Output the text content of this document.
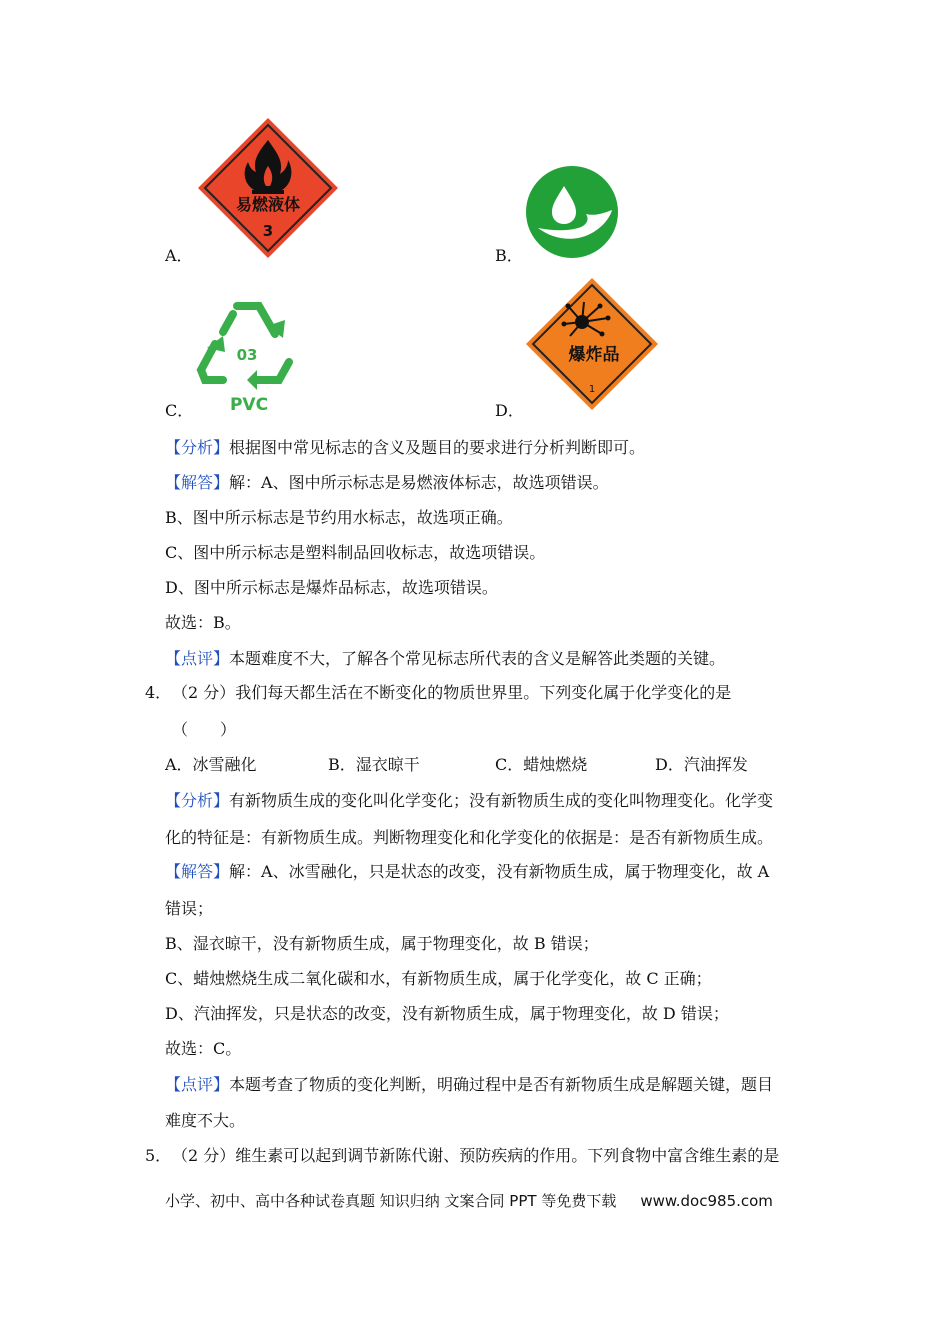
易燃液体
3
A．	B．
03
PVC
C．
爆炸品
1
D．
【分析】根据图中常见标志的含义及题目的要求进行分析判断即可。
【解答】解：A、图中所示标志是易燃液体标志，故选项错误。
B、图中所示标志是节约用水标志，故选项正确。
C、图中所示标志是塑料制品回收标志，故选项错误。
D、图中所示标志是爆炸品标志，故选项错误。
故选：B。
【点评】本题难度不大，了解各个常见标志所代表的含义是解答此类题的关键。
4． （2 分）我们每天都生活在不断变化的物质世界里。下列变化属于化学变化的是
（　　）
A．冰雪融化	B．湿衣晾干	C．蜡烛燃烧	D．汽油挥发
【分析】有新物质生成的变化叫化学变化；没有新物质生成的变化叫物理变化。化学变
化的特征是：有新物质生成。判断物理变化和化学变化的依据是：是否有新物质生成。
【解答】解：A、冰雪融化，只是状态的改变，没有新物质生成，属于物理变化，故 A
错误；
B、湿衣晾干，没有新物质生成，属于物理变化，故 B 错误；
C、蜡烛燃烧生成二氧化碳和水，有新物质生成，属于化学变化，故 C 正确；
D、汽油挥发，只是状态的改变，没有新物质生成，属于物理变化，故 D 错误；
故选：C。
【点评】本题考查了物质的变化判断，明确过程中是否有新物质生成是解题关键，题目
难度不大。
5． （2 分）维生素可以起到调节新陈代谢、预防疾病的作用。下列食物中富含维生素的是
小学、初中、高中各种试卷真题 知识归纳 文案合同 PPT 等免费下载 www.doc985.com
